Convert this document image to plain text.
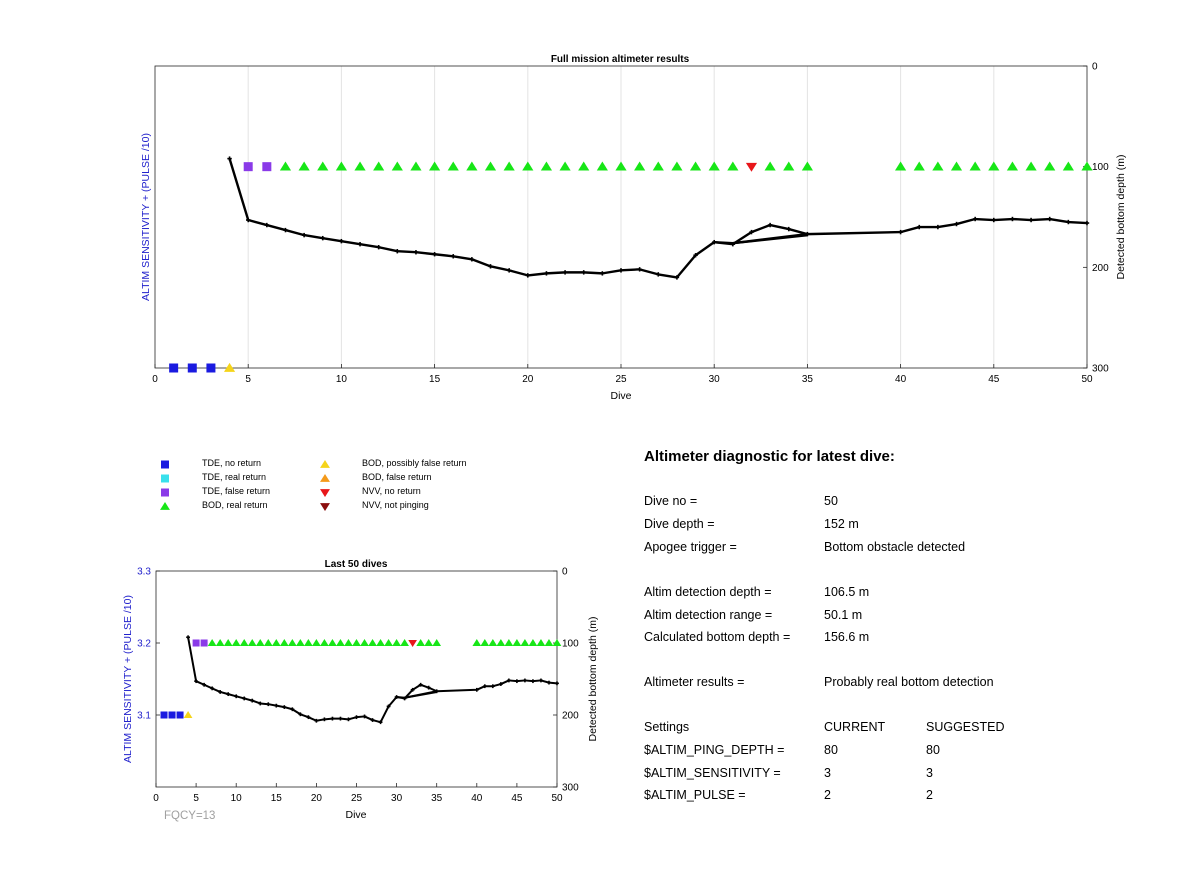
Full mission altimeter results
0	5	10	15	20	25	30	35	40	45	50
0
100
200
300
Dive
ALTIM SENSITIVITY + (PULSE /10)	Detected bottom depth (m)
Last 50 dives
0	5	10	15	20	25	30	35	40	45	50
3.1
3.2
3.3	0
100
200
300
Dive
ALTIM SENSITIVITY + (PULSE /10)	Detected bottom depth (m)
FQCY=13
TDE, no return
TDE, real return
TDE, false return
BOD, real return
BOD, possibly false return
BOD, false return
NVV, no return
NVV, not pinging
Altimeter diagnostic for latest dive:
Dive no =	50
Dive depth =	152 m
Apogee trigger =	Bottom obstacle detected
Altim detection depth =	106.5 m
Altim detection range =	50.1 m
Calculated bottom depth =	156.6 m
Altimeter results =	Probably real bottom detection
Settings	CURRENT	SUGGESTED
$ALTIM_PING_DEPTH =	80	80
$ALTIM_SENSITIVITY =	3	3
$ALTIM_PULSE =	2	2
